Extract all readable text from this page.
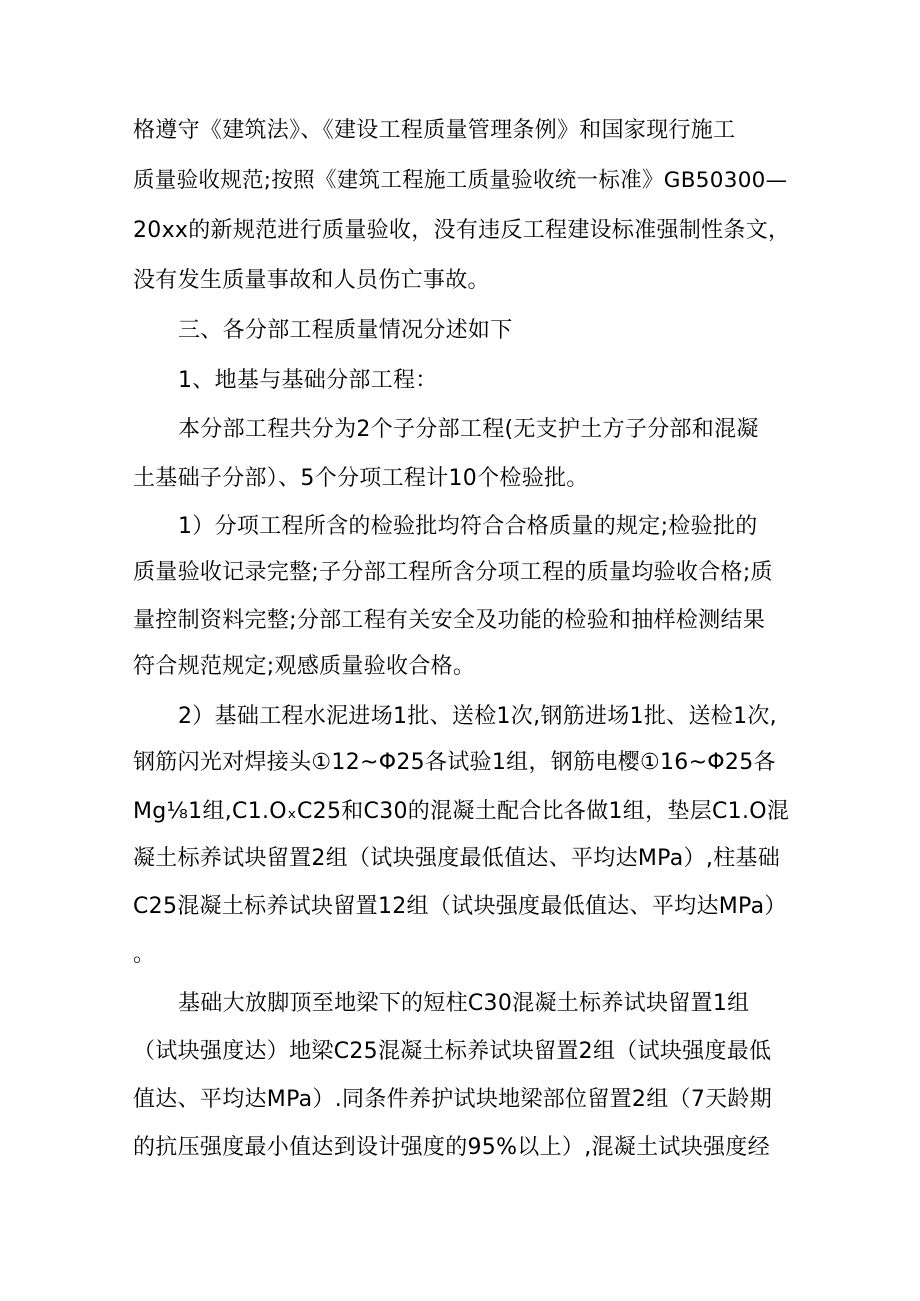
格遵守《建筑法》、《建设工程质量管理条例》和国家现行施工
质量验收规范;按照《建筑工程施工质量验收统一标准》GB50300—
20xx的新规范进行质量验收，没有违反工程建设标准强制性条文，
没有发生质量事故和人员伤亡事故。
三、各分部工程质量情况分述如下
1、地基与基础分部工程：
本分部工程共分为2个子分部工程(无支护土方子分部和混凝
土基础子分部）、5个分项工程计10个检验批。
1）分项工程所含的检验批均符合合格质量的规定;检验批的
质量验收记录完整;子分部工程所含分项工程的质量均验收合格;质
量控制资料完整;分部工程有关安全及功能的检验和抽样检测结果
符合规范规定;观感质量验收合格。
2）基础工程水泥进场1批、送检1次,钢筋进场1批、送检1次,
钢筋闪光对焊接头①12~Φ25各试验1组，钢筋电樱①16~Φ25各
Mg⅛1组,C1.OₓC25和C30的混凝土配合比各做1组，垫层C1.O混
凝土标养试块留置2组（试块强度最低值达、平均达MPa）,柱基础
C25混凝土标养试块留置12组（试块强度最低值达、平均达MPa）
。
基础大放脚顶至地梁下的短柱C30混凝土标养试块留置1组
（试块强度达）地梁C25混凝土标养试块留置2组（试块强度最低
值达、平均达MPa）.同条件养护试块地梁部位留置2组（7天龄期
的抗压强度最小值达到设计强度的95%以上）,混凝土试块强度经
